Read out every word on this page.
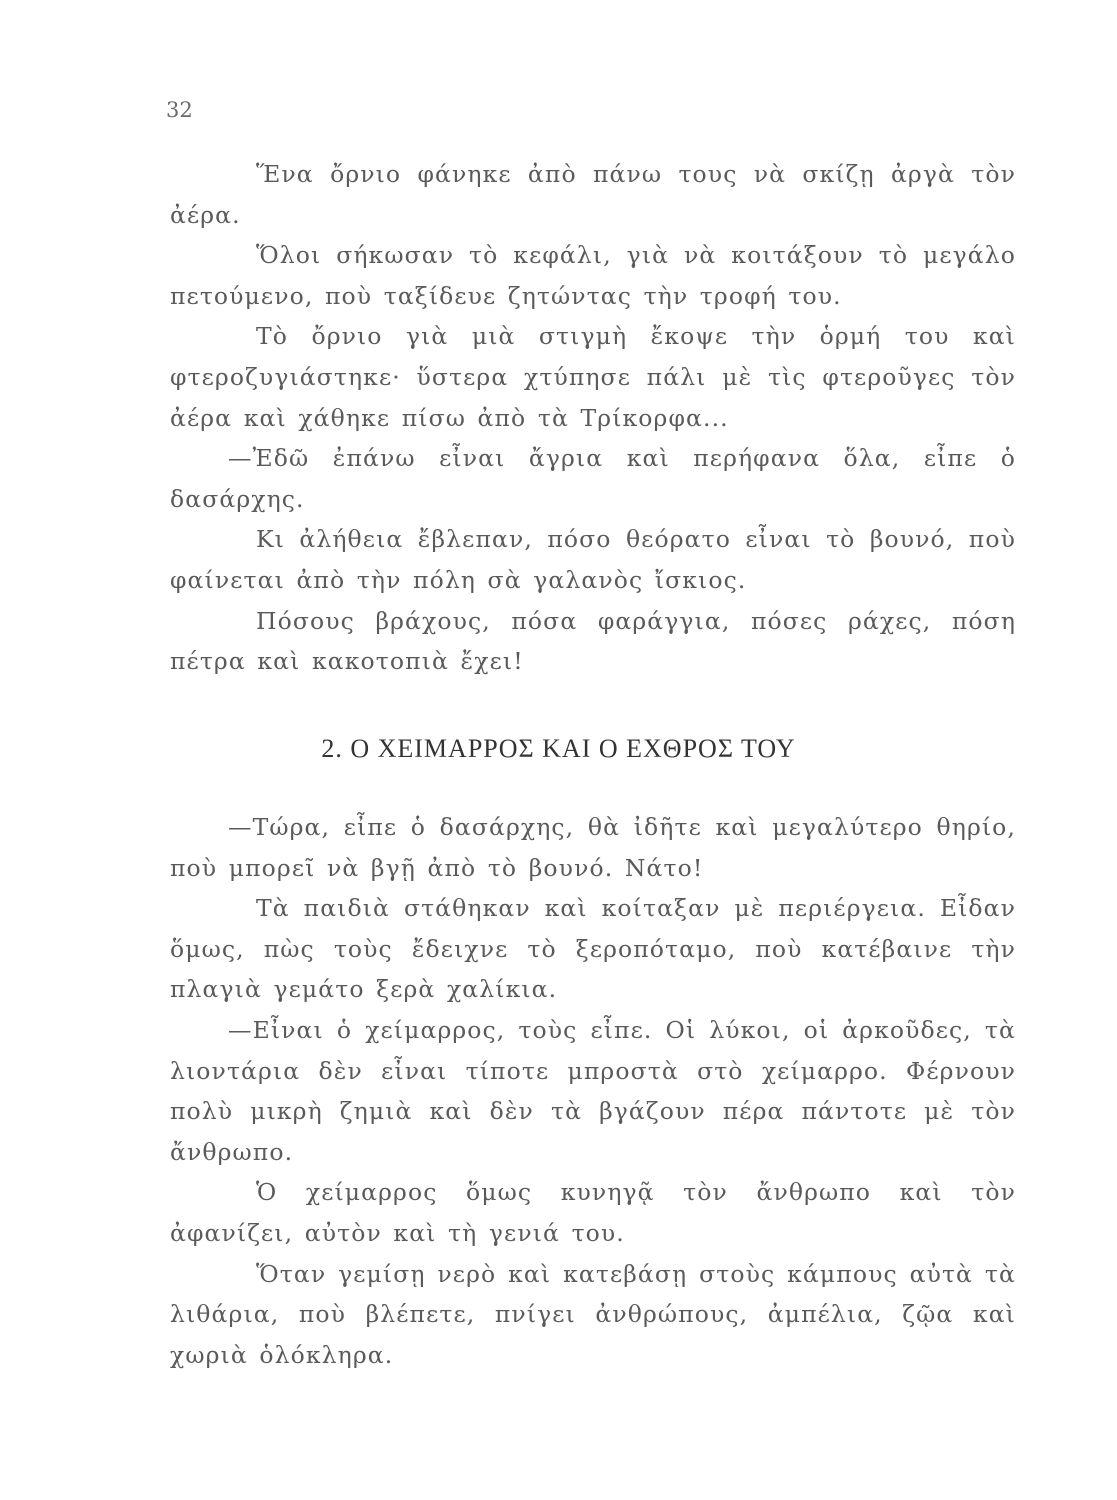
32

Ἕνα ὄρνιο φάνηκε ἀπὸ πάνω τους νὰ σκίζῃ ἀργὰ τὸν ἀέρα.

Ὅλοι σήκωσαν τὸ κεφάλι, γιὰ νὰ κοιτάξουν τὸ μεγάλο πετούμενο, ποὺ ταξίδευε ζητώντας τὴν τροφή του.

Τὸ ὄρνιο γιὰ μιὰ στιγμὴ ἔκοψε τὴν ὁρμή του καὶ φτεροζυγιάστηκε· ὕστερα χτύπησε πάλι μὲ τὶς φτεροῦγες τὸν ἀέρα καὶ χάθηκε πίσω ἀπὸ τὰ Τρίκορφα...

—Ἐδῶ ἐπάνω εἶναι ἄγρια καὶ περήφανα ὅλα, εἶπε ὁ δασάρχης.

Κι ἀλήθεια ἔβλεπαν, πόσο θεόρατο εἶναι τὸ βουνό, ποὺ φαίνεται ἀπὸ τὴν πόλη σὰ γαλανὸς ἴσκιος.

Πόσους βράχους, πόσα φαράγγια, πόσες ράχες, πόση πέτρα καὶ κακοτοπιὰ ἔχει!

2. Ο ΧΕΙΜΑΡΡΟΣ ΚΑΙ Ο ΕΧΘΡΟΣ ΤΟΥ

—Τώρα, εἶπε ὁ δασάρχης, θὰ ἰδῆτε καὶ μεγαλύτερο θηρίο, ποὺ μπορεῖ νὰ βγῇ ἀπὸ τὸ βουνό. Νάτο!

Τὰ παιδιὰ στάθηκαν καὶ κοίταξαν μὲ περιέργεια. Εἶδαν ὅμως, πὼς τοὺς ἔδειχνε τὸ ξεροπόταμο, ποὺ κατέβαινε τὴν πλαγιὰ γεμάτο ξερὰ χαλίκια.

—Εἶναι ὁ χείμαρρος, τοὺς εἶπε. Οἱ λύκοι, οἱ ἀρκοῦδες, τὰ λιοντάρια δὲν εἶναι τίποτε μπροστὰ στὸ χείμαρρο. Φέρνουν πολὺ μικρὴ ζημιὰ καὶ δὲν τὰ βγάζουν πέρα πάντοτε μὲ τὸν ἄνθρωπο.

Ὁ χείμαρρος ὅμως κυνηγᾷ τὸν ἄνθρωπο καὶ τὸν ἀφανίζει, αὐτὸν καὶ τὴ γενιά του.

Ὅταν γεμίσῃ νερὸ καὶ κατεβάσῃ στοὺς κάμπους αὐτὰ τὰ λιθάρια, ποὺ βλέπετε, πνίγει ἀνθρώπους, ἀμπέλια, ζῷα καὶ χωριὰ ὁλόκληρα.
